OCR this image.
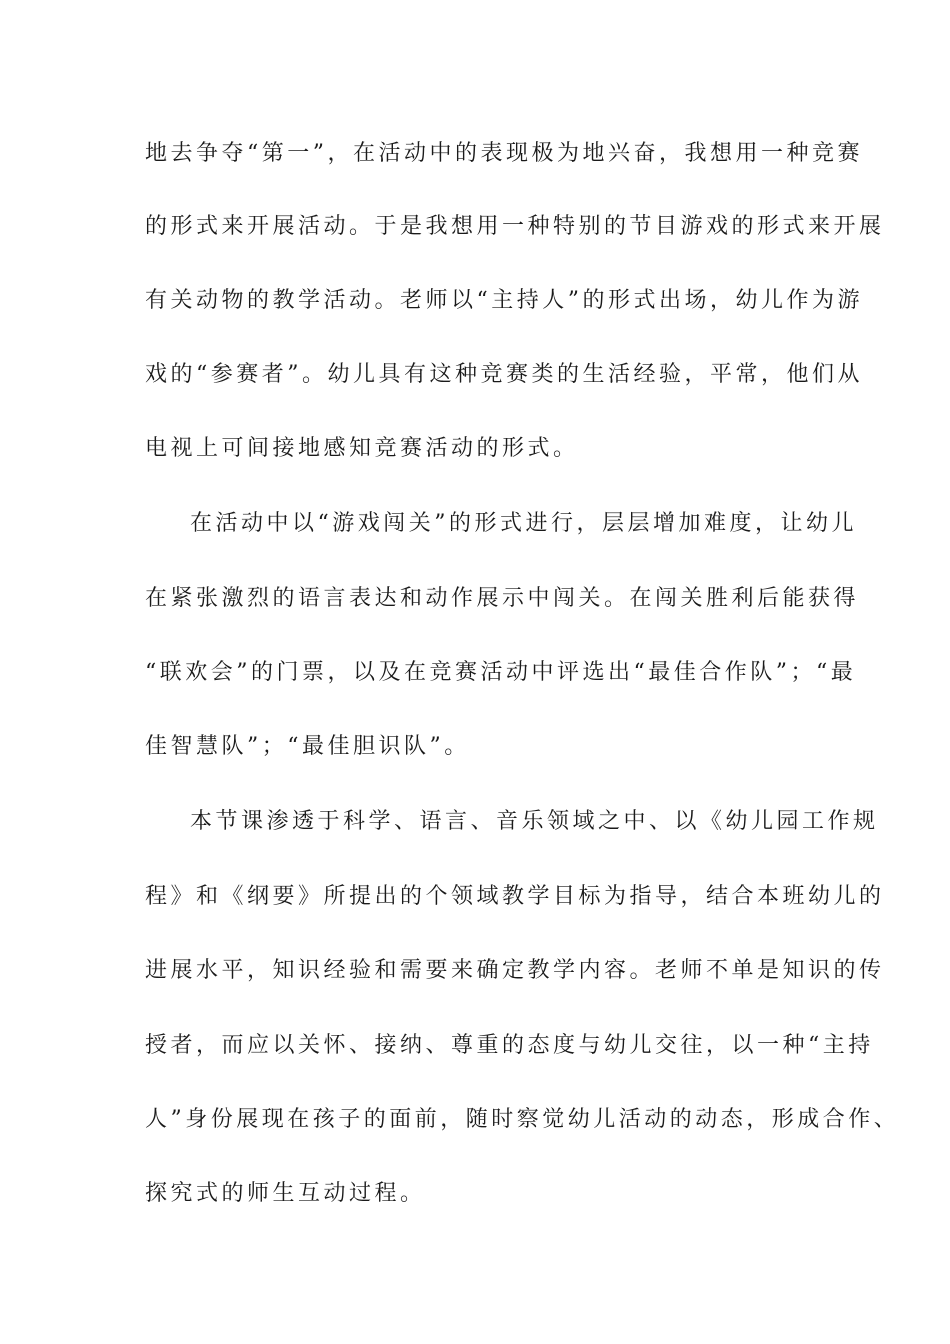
地去争夺“第一”，在活动中的表现极为地兴奋，我想用一种竞赛
的形式来开展活动。于是我想用一种特别的节目游戏的形式来开展
有关动物的教学活动。老师以“主持人”的形式出场，幼儿作为游
戏的“参赛者”。幼儿具有这种竞赛类的生活经验，平常，他们从
电视上可间接地感知竞赛活动的形式。
在活动中以“游戏闯关”的形式进行，层层增加难度，让幼儿
在紧张激烈的语言表达和动作展示中闯关。在闯关胜利后能获得
“联欢会”的门票，以及在竞赛活动中评选出“最佳合作队”；“最
佳智慧队”；“最佳胆识队”。
本节课渗透于科学、语言、音乐领域之中、以《幼儿园工作规
程》和《纲要》所提出的个领域教学目标为指导，结合本班幼儿的
进展水平，知识经验和需要来确定教学内容。老师不单是知识的传
授者，而应以关怀、接纳、尊重的态度与幼儿交往，以一种“主持
人”身份展现在孩子的面前，随时察觉幼儿活动的动态，形成合作、
探究式的师生互动过程。
